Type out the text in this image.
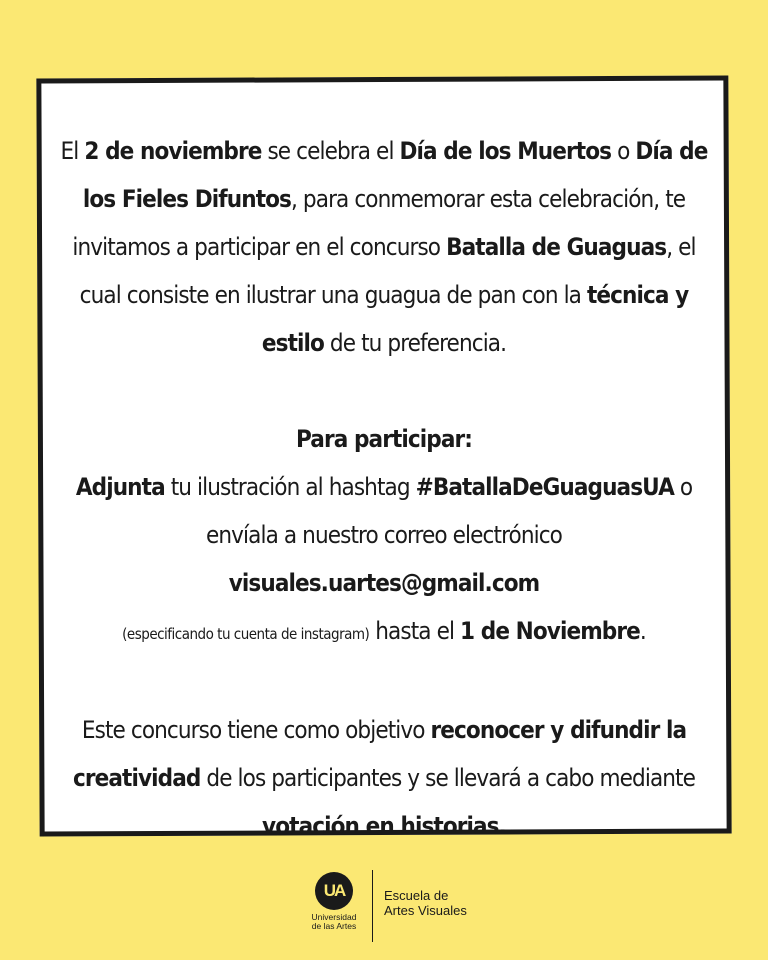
El 2 de noviembre se celebra el Día de los Muertos o Día de los Fieles Difuntos, para conmemorar esta celebración, te invitamos a participar en el concurso Batalla de Guaguas, el cual consiste en ilustrar una guagua de pan con la técnica y estilo de tu preferencia.

Para participar:

Adjunta tu ilustración al hashtag #BatallaDeGuaguasUA o envíala a nuestro correo electrónico visuales.uartes@gmail.com
(especificando tu cuenta de instagram) hasta el 1 de Noviembre.

Este concurso tiene como objetivo reconocer y difundir la creatividad de los participantes y se llevará a cabo mediante votación en historias.

UA
Universidad
de las Artes
Escuela de
Artes Visuales
